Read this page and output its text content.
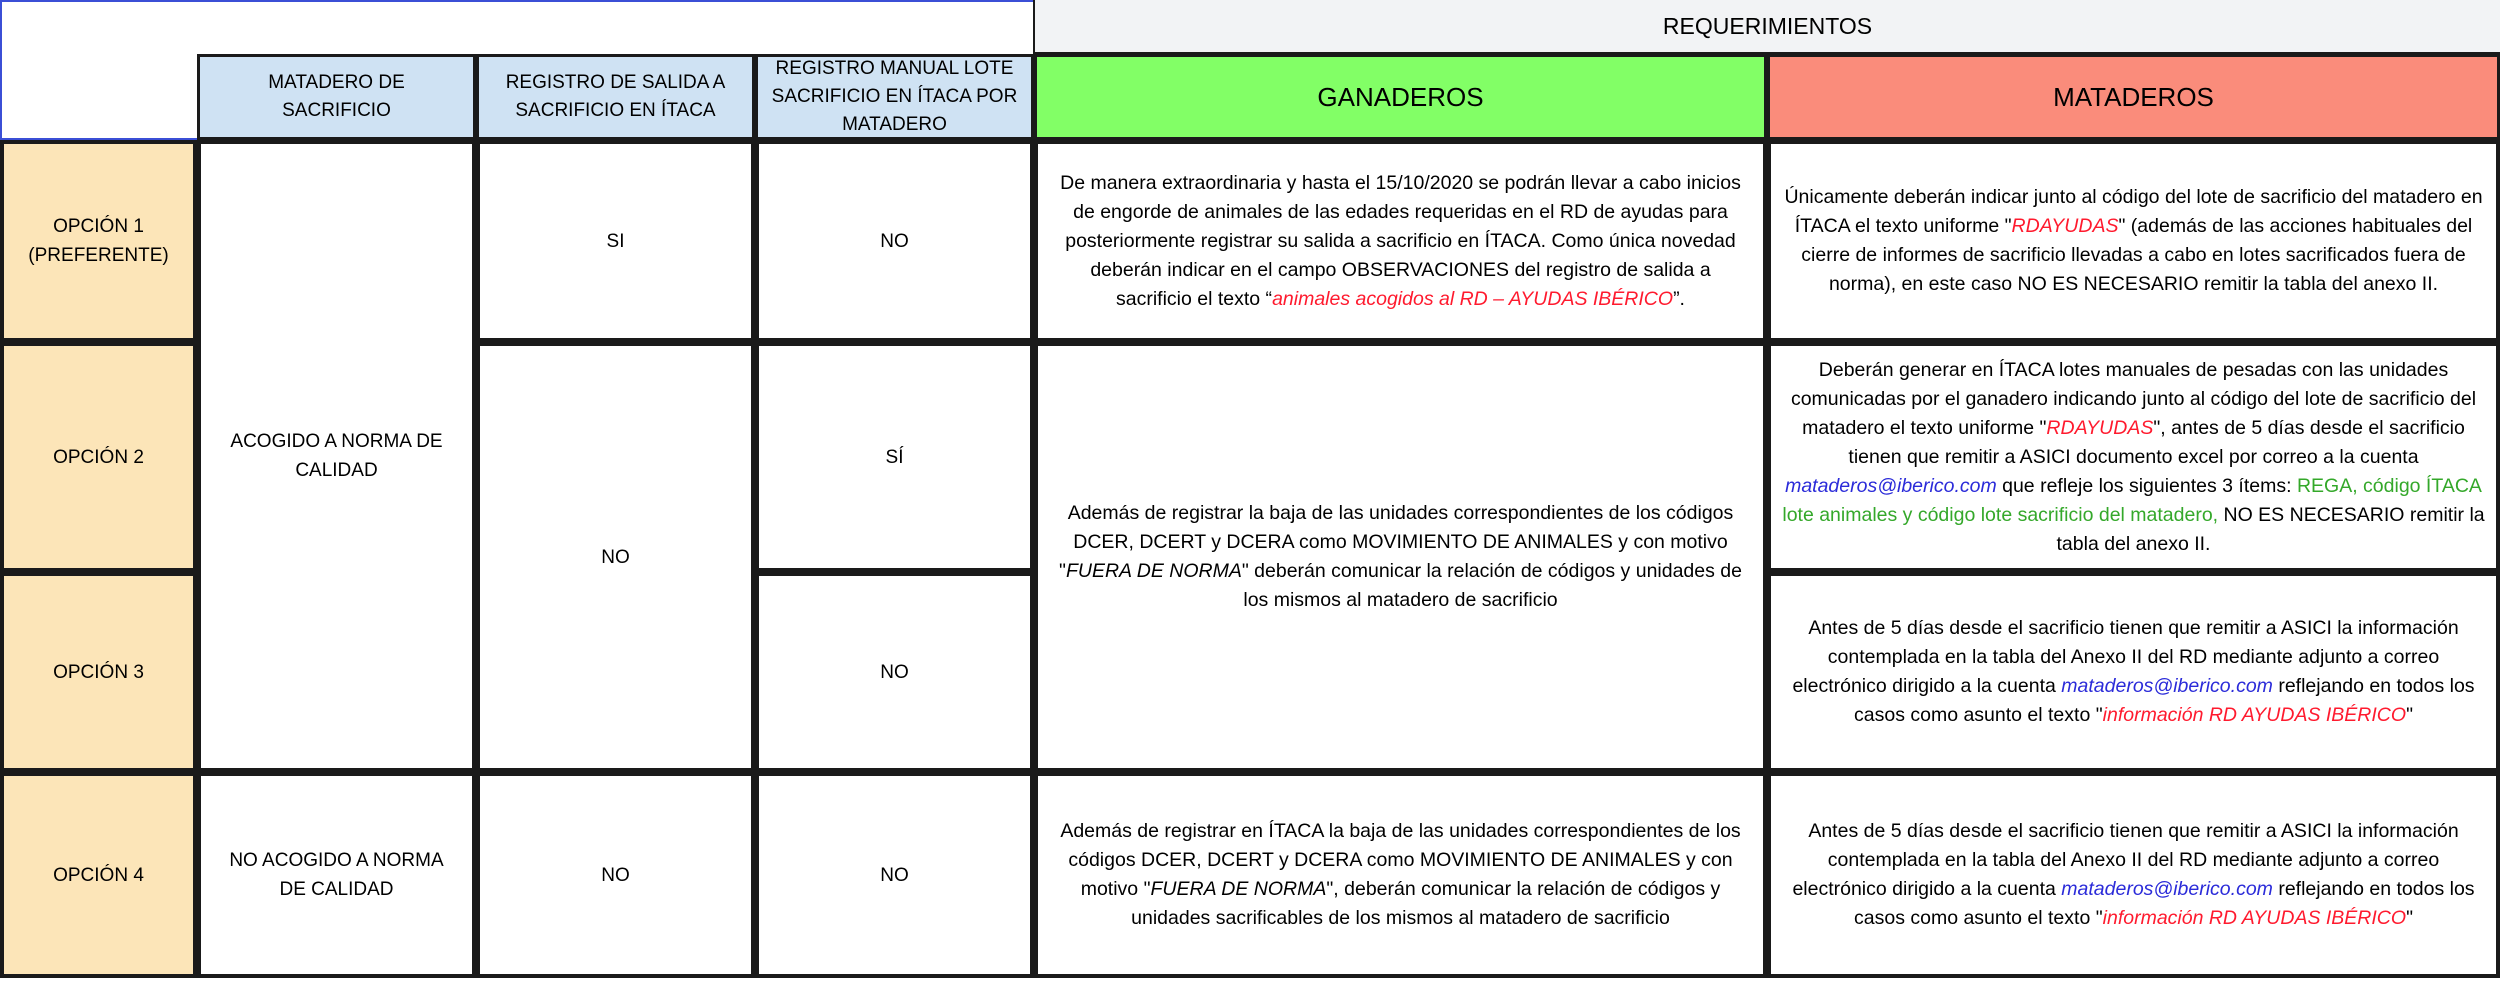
REQUERIMIENTOS
MATADERO DE SACRIFICIO
REGISTRO DE SALIDA A SACRIFICIO EN ÍTACA
REGISTRO MANUAL LOTE SACRIFICIO EN ÍTACA POR MATADERO
GANADEROS	MATADEROS
OPCIÓN 1 (PREFERENTE)
OPCIÓN 2
OPCIÓN 3
OPCIÓN 4
ACOGIDO A NORMA DE CALIDAD
NO ACOGIDO A NORMA DE CALIDAD
SI
NO
NO
NO
SÍ
NO
NO
De manera extraordinaria y hasta el 15/10/2020 se podrán llevar a cabo inicios de engorde de animales de las edades requeridas en el RD de ayudas para posteriormente registrar su salida a sacrificio en ÍTACA. Como única novedad deberán indicar en el campo OBSERVACIONES del registro de salida a sacrificio el texto “animales acogidos al RD – AYUDAS IBÉRICO”.
Además de registrar la baja de las unidades correspondientes de los códigos DCER, DCERT y DCERA como MOVIMIENTO DE ANIMALES y con motivo "FUERA DE NORMA" deberán comunicar la relación de códigos y unidades de los mismos al matadero de sacrificio
Además de registrar en ÍTACA la baja de las unidades correspondientes de los códigos DCER, DCERT y DCERA como MOVIMIENTO DE ANIMALES y con motivo "FUERA DE NORMA", deberán comunicar la relación de códigos y unidades sacrificables de los mismos al matadero de sacrificio
Únicamente deberán indicar junto al código del lote de sacrificio del matadero en ÍTACA el texto uniforme "RDAYUDAS" (además de las acciones habituales del cierre de informes de sacrificio llevadas a cabo en lotes sacrificados fuera de norma), en este caso NO ES NECESARIO remitir la tabla del anexo II.
Deberán generar en ÍTACA lotes manuales de pesadas con las unidades comunicadas por el ganadero indicando junto al código del lote de sacrificio del matadero el texto uniforme "RDAYUDAS", antes de 5 días desde el sacrificio tienen que remitir a ASICI documento excel por correo a la cuenta mataderos@iberico.com que refleje los siguientes 3 ítems: REGA, código ÍTACA lote animales y código lote sacrificio del matadero, NO ES NECESARIO remitir la tabla del anexo II.
Antes de 5 días desde el sacrificio tienen que remitir a ASICI la información contemplada en la tabla del Anexo II del RD mediante adjunto a correo electrónico dirigido a la cuenta mataderos@iberico.com reflejando en todos los casos como asunto el texto "información RD AYUDAS IBÉRICO"
Antes de 5 días desde el sacrificio tienen que remitir a ASICI la información contemplada en la tabla del Anexo II del RD mediante adjunto a correo electrónico dirigido a la cuenta mataderos@iberico.com reflejando en todos los casos como asunto el texto "información RD AYUDAS IBÉRICO"
